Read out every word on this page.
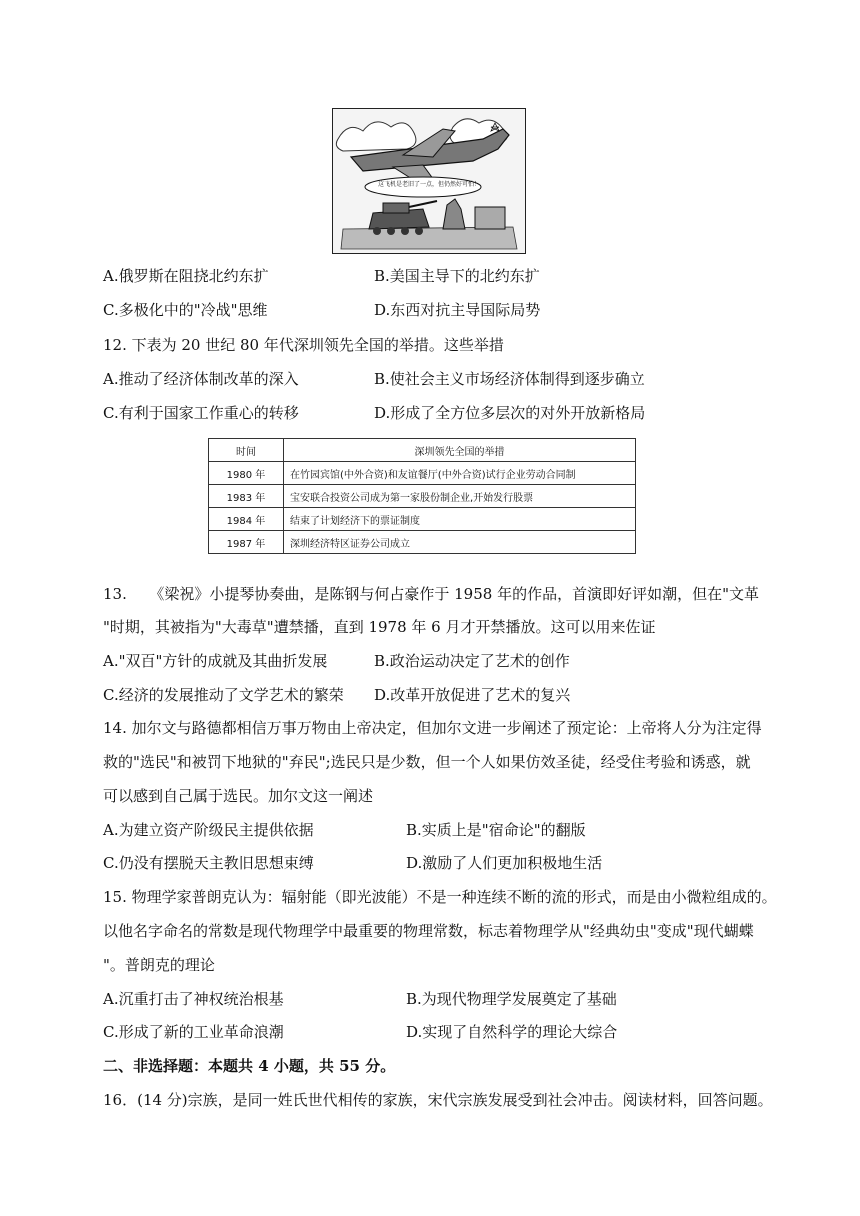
这飞机是老旧了一点，但仍然好可怕！
A.俄罗斯在阻挠北约东扩	B.美国主导下的北约东扩
C.多极化中的"冷战"思维	D.东西对抗主导国际局势
12. 下表为 20 世纪 80 年代深圳领先全国的举措。这些举措
A.推动了经济体制改革的深入	B.使社会主义市场经济体制得到逐步确立
C.有利于国家工作重心的转移	D.形成了全方位多层次的对外开放新格局
时间	深圳领先全国的举措
1980 年	在竹园宾馆(中外合资)和友谊餐厅(中外合资)试行企业劳动合同制
1983 年	宝安联合投资公司成为第一家股份制企业,开始发行股票
1984 年	结束了计划经济下的票证制度
1987 年	深圳经济特区证券公司成立
13.　　《梁祝》小提琴协奏曲，是陈钢与何占豪作于 1958 年的作品，首演即好评如潮，但在"文革
"时期，其被指为"大毒草"遭禁播，直到 1978 年 6 月才开禁播放。这可以用来佐证
A."双百"方针的成就及其曲折发展	B.政治运动决定了艺术的创作
C.经济的发展推动了文学艺术的繁荣 D.改革开放促进了艺术的复兴
14. 加尔文与路德都相信万事万物由上帝决定，但加尔文进一步阐述了预定论：上帝将人分为注定得
救的"选民"和被罚下地狱的"弃民";选民只是少数，但一个人如果仿效圣徒，经受住考验和诱惑，就
可以感到自己属于选民。加尔文这一阐述
A.为建立资产阶级民主提供依据	B.实质上是"宿命论"的翻版
C.仍没有摆脱天主教旧思想束缚	D.激励了人们更加积极地生活
15. 物理学家普朗克认为：辐射能（即光波能）不是一种连续不断的流的形式，而是由小微粒组成的。
以他名字命名的常数是现代物理学中最重要的物理常数，标志着物理学从"经典幼虫"变成"现代蝴蝶
"。普朗克的理论
A.沉重打击了神权统治根基	B.为现代物理学发展奠定了基础
C.形成了新的工业革命浪潮	D.实现了自然科学的理论大综合
二、非选择题：本题共 4 小题，共 55 分。
16．(14 分)宗族，是同一姓氏世代相传的家族，宋代宗族发展受到社会冲击。阅读材料，回答问题。
